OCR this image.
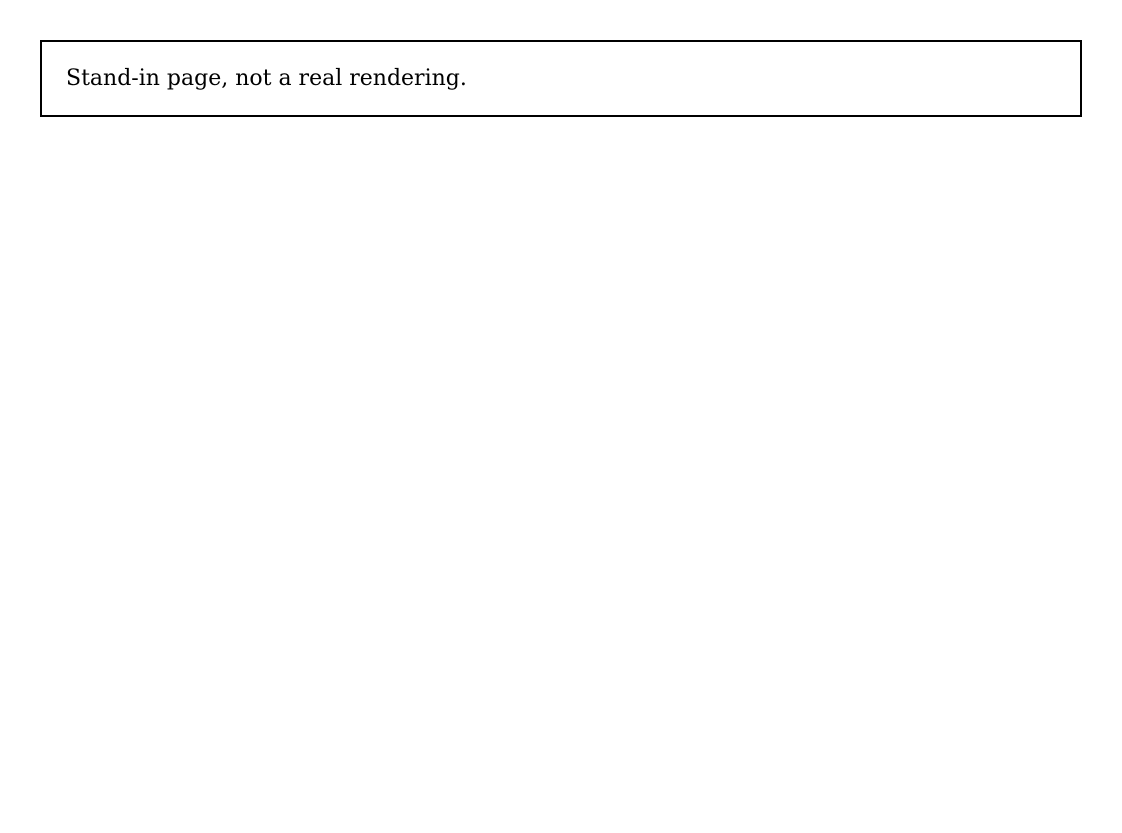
Stand-in page, not a real rendering.
